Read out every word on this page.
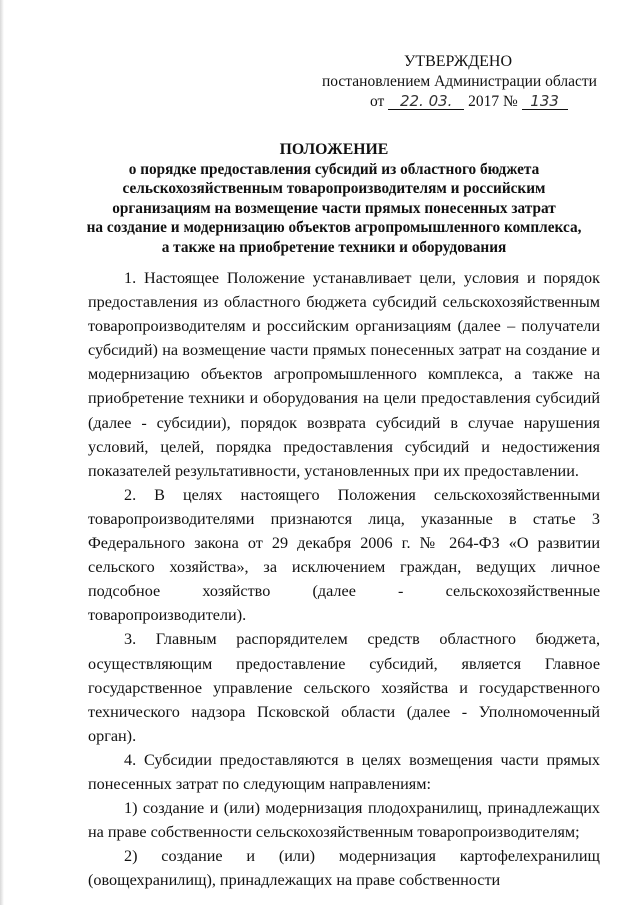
УТВЕРЖДЕНО
постановлением Администрации области
от 22. 03. 2017 № 133
ПОЛОЖЕНИЕ
о порядке предоставления субсидий из областного бюджета
сельскохозяйственным товаропроизводителям и российским
организациям на возмещение части прямых понесенных затрат
на создание и модернизацию объектов агропромышленного комплекса,
а также на приобретение техники и оборудования

1. Настоящее Положение устанавливает цели, условия и порядок предоставления из областного бюджета субсидий сельскохозяйственным товаропроизводителям и российским организациям (далее – получатели субсидий) на возмещение части прямых понесенных затрат на создание и модернизацию объектов агропромышленного комплекса, а также на приобретение техники и оборудования на цели предоставления субсидий (далее - субсидии), порядок возврата субсидий в случае нарушения условий, целей, порядка предоставления субсидий и недостижения показателей результативности, установленных при их предоставлении.

2. В целях настоящего Положения сельскохозяйственными товаропроизводителями признаются лица, указанные в статье 3 Федерального закона от 29 декабря 2006 г. № 264-ФЗ «О развитии сельского хозяйства», за исключением граждан, ведущих личное подсобное хозяйство (далее - сельскохозяйственные товаропроизводители).

3. Главным распорядителем средств областного бюджета, осуществляющим предоставление субсидий, является Главное государственное управление сельского хозяйства и государственного технического надзора Псковской области (далее - Уполномоченный орган).

4. Субсидии предоставляются в целях возмещения части прямых понесенных затрат по следующим направлениям:

1) создание и (или) модернизация плодохранилищ, принадлежащих на праве собственности сельскохозяйственным товаропроизводителям;

2) создание и (или) модернизация картофелехранилищ (овощехранилищ), принадлежащих на праве собственности
